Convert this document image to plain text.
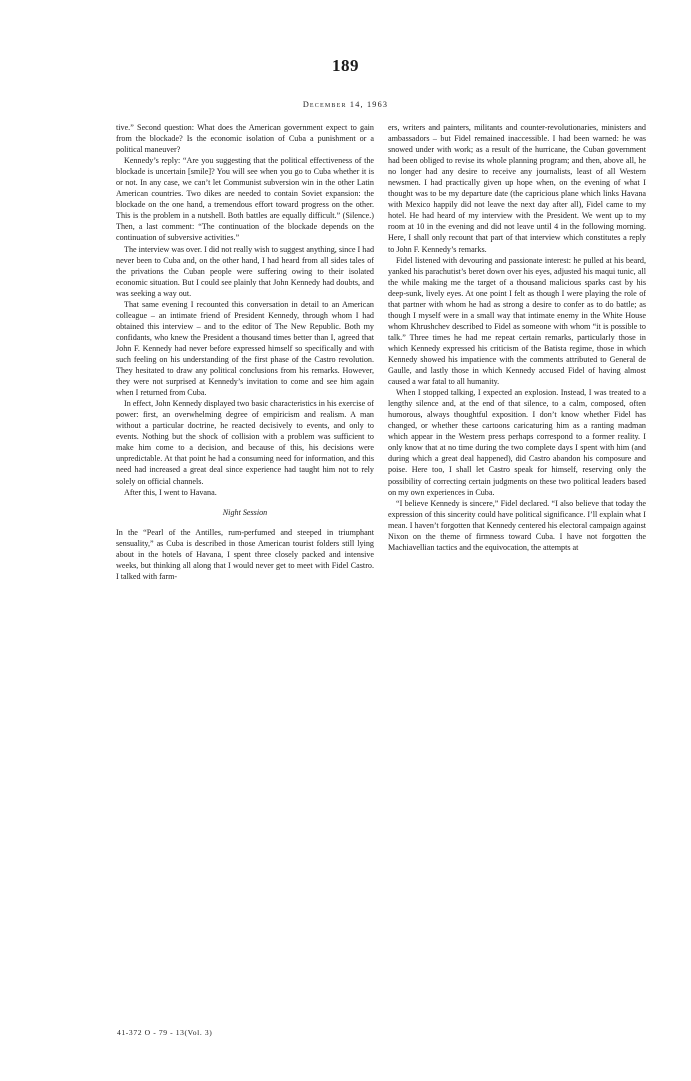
189
December 14, 1963

tive.” Second question: What does the American government expect to gain from the blockade? Is the economic isolation of Cuba a punishment or a political maneuver?

Kennedy’s reply: “Are you suggesting that the political effectiveness of the blockade is uncertain [smile]? You will see when you go to Cuba whether it is or not. In any case, we can’t let Communist subversion win in the other Latin American countries. Two dikes are needed to contain Soviet expansion: the blockade on the one hand, a tremendous effort toward progress on the other. This is the problem in a nutshell. Both battles are equally difficult.” (Silence.) Then, a last comment: “The continuation of the blockade depends on the continuation of subversive activities.”

The interview was over. I did not really wish to suggest anything, since I had never been to Cuba and, on the other hand, I had heard from all sides tales of the privations the Cuban people were suffering owing to their isolated economic situation. But I could see plainly that John Kennedy had doubts, and was seeking a way out.

That same evening I recounted this conversation in detail to an American colleague – an intimate friend of President Kennedy, through whom I had obtained this interview – and to the editor of The New Republic. Both my confidants, who knew the President a thousand times better than I, agreed that John F. Kennedy had never before expressed himself so specifically and with such feeling on his understanding of the first phase of the Castro revolution. They hesitated to draw any political conclusions from his remarks. However, they were not surprised at Kennedy’s invitation to come and see him again when I returned from Cuba.

In effect, John Kennedy displayed two basic characteristics in his exercise of power: first, an overwhelming degree of empiricism and realism. A man without a particular doctrine, he reacted decisively to events, and only to events. Nothing but the shock of collision with a problem was sufficient to make him come to a decision, and because of this, his decisions were unpredictable. At that point he had a consuming need for information, and this need had increased a great deal since experience had taught him not to rely solely on official channels.

After this, I went to Havana.

Night Session

In the “Pearl of the Antilles, rum-perfumed and steeped in triumphant sensuality,” as Cuba is described in those American tourist folders still lying about in the hotels of Havana, I spent three closely packed and intensive weeks, but thinking all along that I would never get to meet with Fidel Castro. I talked with farm-

ers, writers and painters, militants and counter-revolutionaries, ministers and ambassadors – but Fidel remained inaccessible. I had been warned: he was snowed under with work; as a result of the hurricane, the Cuban government had been obliged to revise its whole planning program; and then, above all, he no longer had any desire to receive any journalists, least of all Western newsmen. I had practically given up hope when, on the evening of what I thought was to be my departure date (the capricious plane which links Havana with Mexico happily did not leave the next day after all), Fidel came to my hotel. He had heard of my interview with the President. We went up to my room at 10 in the evening and did not leave until 4 in the following morning. Here, I shall only recount that part of that interview which constitutes a reply to John F. Kennedy’s remarks.

Fidel listened with devouring and passionate interest: he pulled at his beard, yanked his parachutist’s beret down over his eyes, adjusted his maqui tunic, all the while making me the target of a thousand malicious sparks cast by his deep-sunk, lively eyes. At one point I felt as though I were playing the role of that partner with whom he had as strong a desire to confer as to do battle; as though I myself were in a small way that intimate enemy in the White House whom Khrushchev described to Fidel as someone with whom “it is possible to talk.” Three times he had me repeat certain remarks, particularly those in which Kennedy expressed his criticism of the Batista regime, those in which Kennedy showed his impatience with the comments attributed to General de Gaulle, and lastly those in which Kennedy accused Fidel of having almost caused a war fatal to all humanity.

When I stopped talking, I expected an explosion. Instead, I was treated to a lengthy silence and, at the end of that silence, to a calm, composed, often humorous, always thoughtful exposition. I don’t know whether Fidel has changed, or whether these cartoons caricaturing him as a ranting madman which appear in the Western press perhaps correspond to a former reality. I only know that at no time during the two complete days I spent with him (and during which a great deal happened), did Castro abandon his composure and poise. Here too, I shall let Castro speak for himself, reserving only the possibility of correcting certain judgments on these two political leaders based on my own experiences in Cuba.

“I believe Kennedy is sincere,” Fidel declared. “I also believe that today the expression of this sincerity could have political significance. I’ll explain what I mean. I haven’t forgotten that Kennedy centered his electoral campaign against Nixon on the theme of firmness toward Cuba. I have not forgotten the Machiavellian tactics and the equivocation, the attempts at

41-372 O - 79 - 13(Vol. 3)
